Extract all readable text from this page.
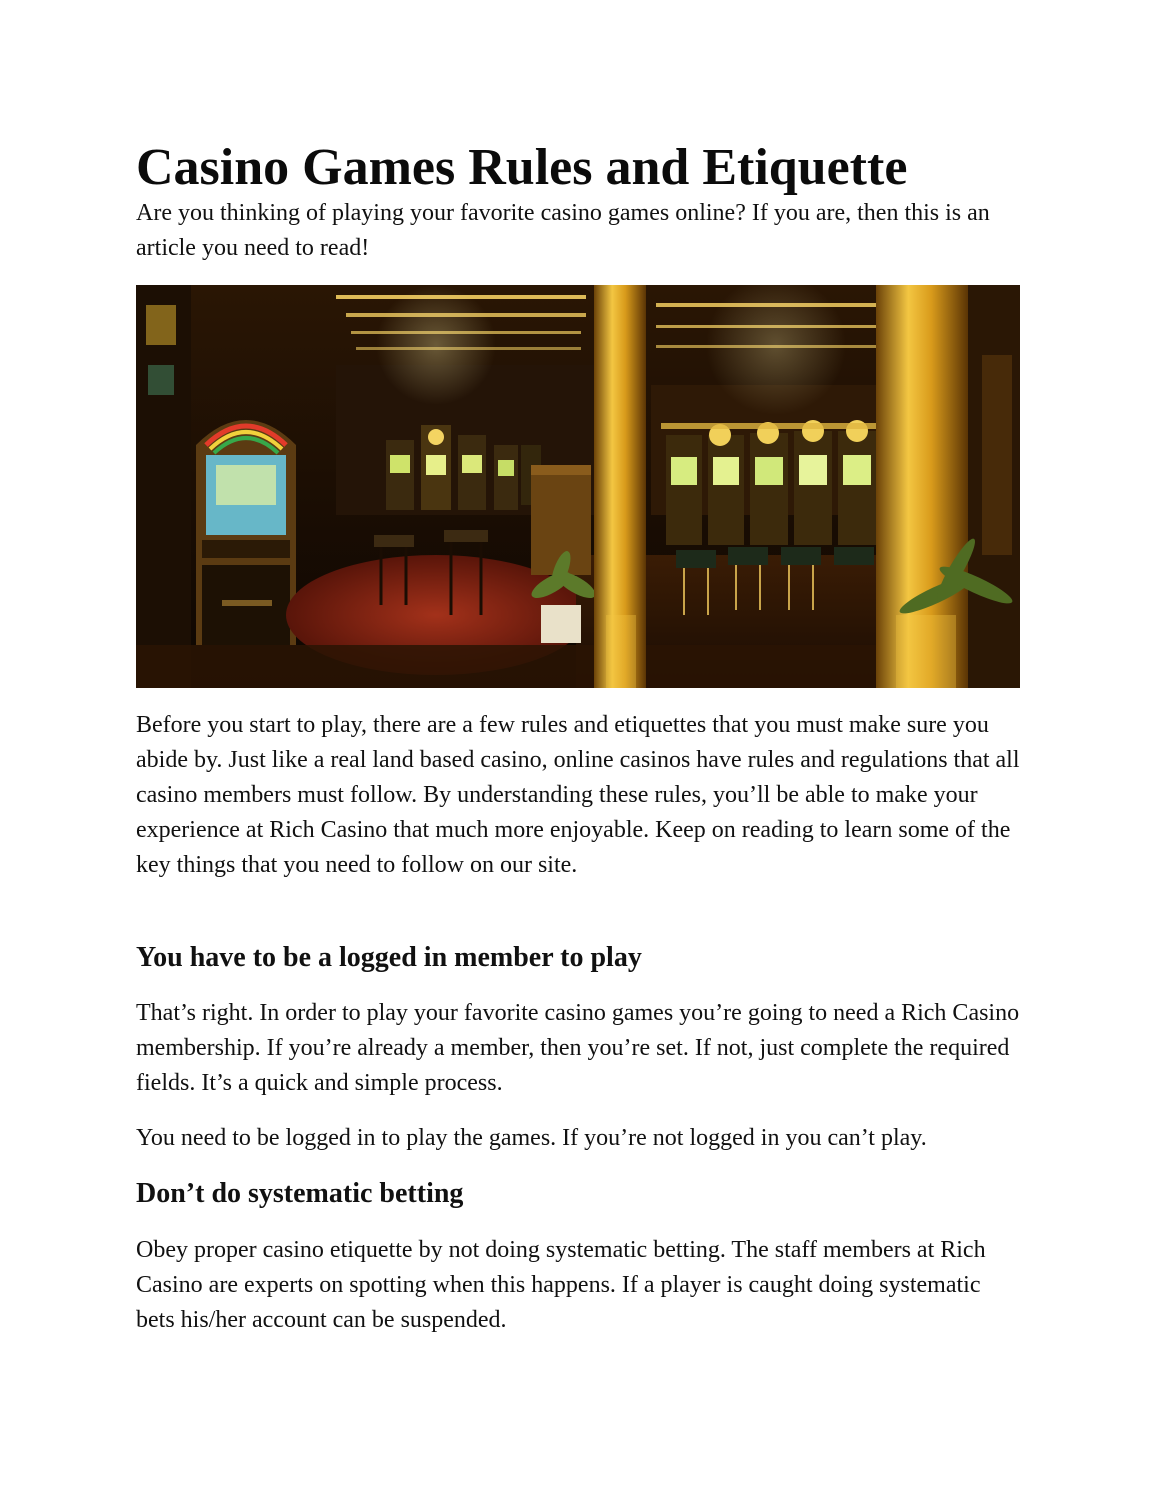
Casino Games Rules and Etiquette

Are you thinking of playing your favorite casino games online? If you are, then this is an article you need to read!

Before you start to play, there are a few rules and etiquettes that you must make sure you abide by. Just like a real land based casino, online casinos have rules and regulations that all casino members must follow. By understanding these rules, you’ll be able to make your experience at Rich Casino that much more enjoyable. Keep on reading to learn some of the key things that you need to follow on our site.

You have to be a logged in member to play

That’s right. In order to play your favorite casino games you’re going to need a Rich Casino membership. If you’re already a member, then you’re set. If not, just complete the required fields. It’s a quick and simple process.

You need to be logged in to play the games. If you’re not logged in you can’t play.

Don’t do systematic betting

Obey proper casino etiquette by not doing systematic betting. The staff members at Rich Casino are experts on spotting when this happens. If a player is caught doing systematic bets his/her account can be suspended.
